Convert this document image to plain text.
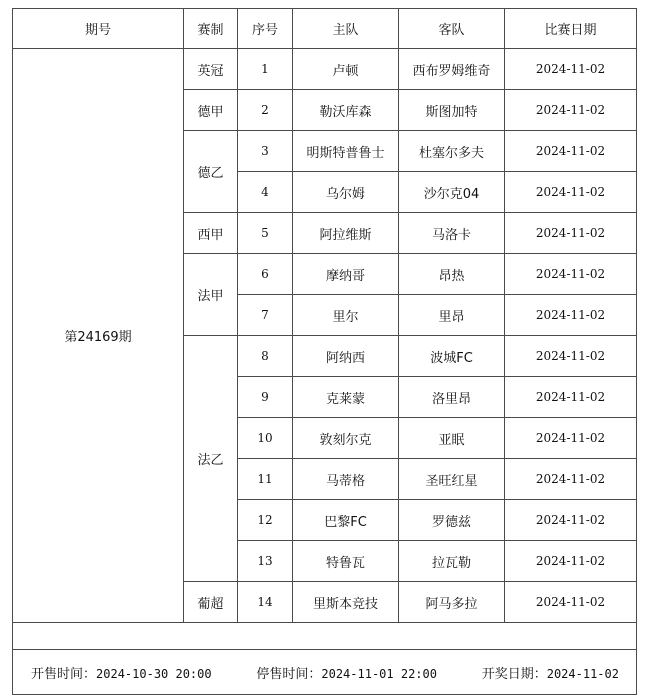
期号	赛制	序号	主队	客队	比赛日期
第24169期	英冠	1	卢顿	西布罗姆维奇	2024-11-02
	德甲	2	勒沃库森	斯图加特	2024-11-02
	德乙	3	明斯特普鲁士	杜塞尔多夫	2024-11-02
		4	乌尔姆	沙尔克04	2024-11-02
	西甲	5	阿拉维斯	马洛卡	2024-11-02
	法甲	6	摩纳哥	昂热	2024-11-02
		7	里尔	里昂	2024-11-02
	法乙	8	阿纳西	波城FC	2024-11-02
		9	克莱蒙	洛里昂	2024-11-02
		10	敦刻尔克	亚眠	2024-11-02
		11	马蒂格	圣旺红星	2024-11-02
		12	巴黎FC	罗德兹	2024-11-02
		13	特鲁瓦	拉瓦勒	2024-11-02
	葡超	14	里斯本竞技	阿马多拉	2024-11-02

开售时间：2024-10-30 20:00 停售时间：2024-11-01 22:00 开奖日期：2024-11-02					
